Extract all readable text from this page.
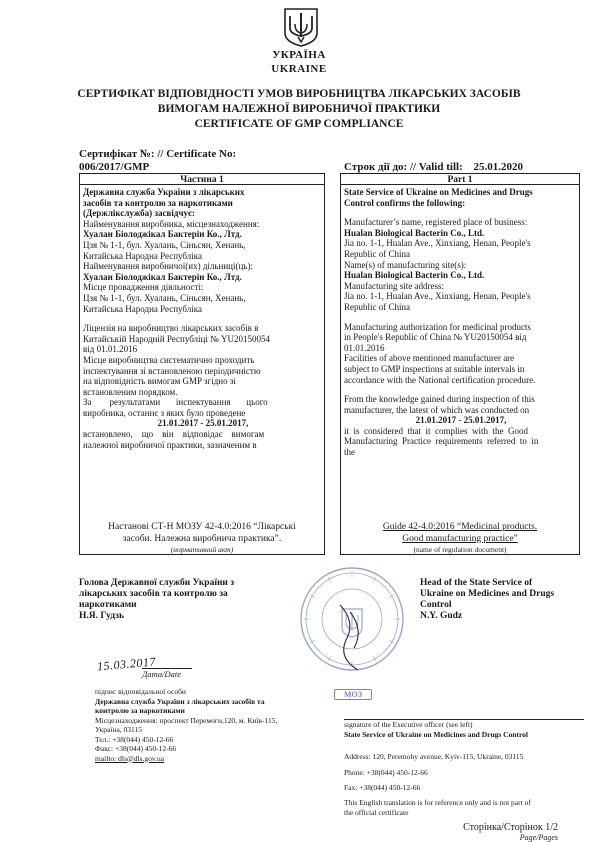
УКРАЇНА
UKRAINE
СЕРТИФІКАТ ВІДПОВІДНОСТІ УМОВ ВИРОБНИЦТВА ЛІКАРСЬКИХ ЗАСОБІВ
ВИМОГАМ НАЛЕЖНОЇ ВИРОБНИЧОЇ ПРАКТИКИ
CERTIFICATE OF GMP COMPLIANCE
Сертифікат №: // Certificate No:
006/2017/GMP	Строк дії до: // Valid till: 25.01.2020
Частина 1	Part 1

Державна служба України з лікарських

засобів та контролю за наркотиками

(Держлікслужба) засвідчує:

Найменування виробника, місцезнаходження:

Хуалан Біолоджікал Бактерін Ко., Лтд.

Цзя № 1-1, бул. Хуалань, Сіньсян, Хенань,

Китайська Народна Республіка

Найменування виробничої(их) дільниці(ць):

Хуалан Біолоджікал Бактерін Ко., Лтд.

Місце провадження діяльності:

Цзя № 1-1, бул. Хуалань, Сіньсян, Хенань,

Китайська Народна Республіка

Ліцензія на виробництво лікарських засобів в

Китайській Народній Республіці № YU20150054

від 01.01.2016

Місце виробництва систематично проходить

інспектування зі встановленою періодичністю

на відповідність вимогам GMP згідно зі

встановленим порядком.

За        результатами       інспектування       цього

виробника, останнє з яких було проведене

21.01.2017 - 25.01.2017,

встановлено,    що    він    відповідає    вимогам

належної виробничої практики, зазначеним в

Настанові СТ-Н МОЗУ 42-4.0:2016 “Лікарські
засоби. Належна виробнича практика”.
(нормативний акт)

State Service of Ukraine on Medicines and Drugs

Control confirms the following:

Manufacturer’s name, registered place of business:

Hualan Biological Bacterin Co., Ltd.

Jia no. 1-1, Hualan Ave., Xinxiang, Henan, People's

Republic of China

Name(s) of manufacturing site(s):

Hualan Biological Bacterin Co., Ltd.

Manufacturing site address:

Jia no. 1-1, Hualan Ave., Xinxiang, Henan, People's

Republic of China

Manufacturing authorization for medicinal products

in People's Republic of China № YU20150054 від

01.01.2016

Facilities of above mentioned manufacturer are

subject to GMP inspections at suitable intervals in

accordance with the National certification procedure.

From the knowledge gained during inspection of this

manufacturer, the latest of which was conducted on

21.01.2017 - 25.01.2017,

it  is  considered  that  it  complies  with  the  Good

Manufacturing  Practice  requirements  referred  to  in

the

Guide 42-4.0:2016 “Medicinal products.
Good manufacturing practice”
(name of regulation document)
МОЗ
Голова Державної служби України з
лікарських засобів та контролю за
наркотиками
Н.Я. Гудзь
Head of the State Service of
Ukraine on Medicines and Drugs
Control
N.Y. Gudz
15.03.2017
Дата/Date
підпис відповідальної особи
Державна служба України з лікарських засобів та
контролю за наркотиками
Місцезнаходження: проспект Перемоги,120, м. Київ-115,
Україна, 03115
Тел.: +38(044) 450-12-66
Факс: +38(044) 450-12-66
mailto: dls@dls.gov.ua
signature of the Executive officer (see left)
State Service of Ukraine on Medicines and Drugs Control
Address: 120, Peremohy avenue, Kyiv-115, Ukraine, 03115
Phone: +38(044) 450-12-66
Fax: +38(044) 450-12-66
This English translation is for reference only and is not part of
the official certificate
Сторінка/Сторінок 1/2
Page/Pages
